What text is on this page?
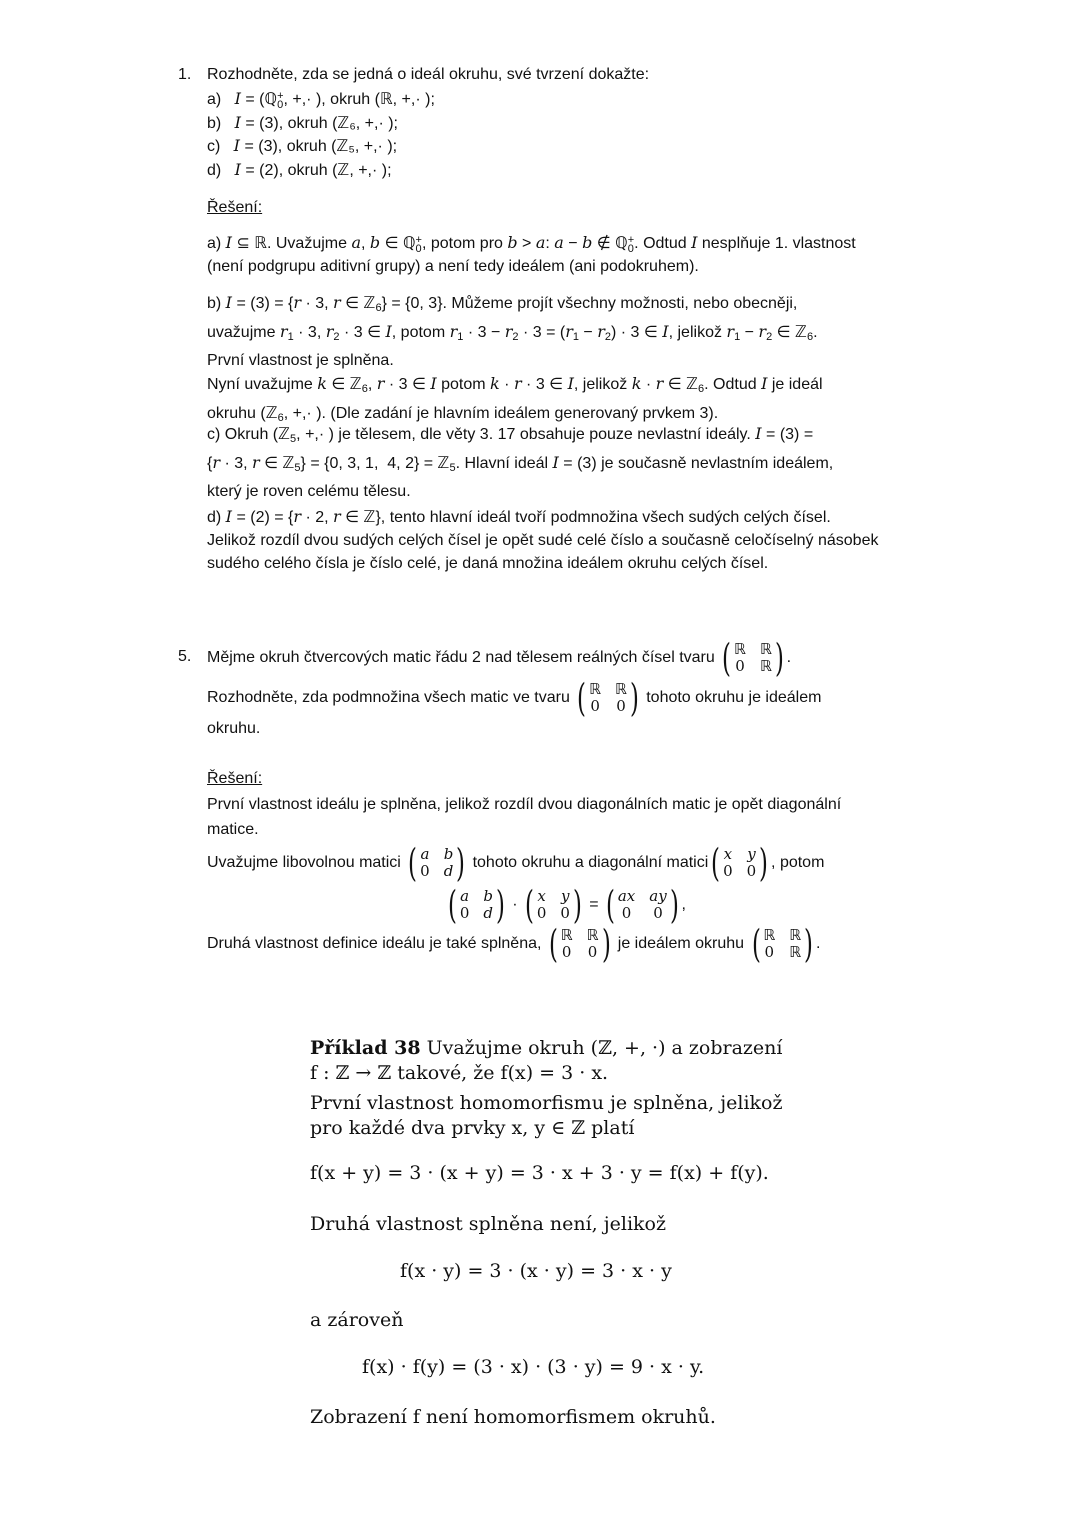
1. Rozhodněte, zda se jedná o ideál okruhu, své tvrzení dokažte:
a) I = (ℚ+
0, +,· ), okruh (ℝ, +,· );
b) I = (3), okruh (ℤ₆, +,· );
c) I = (3), okruh (ℤ₅, +,· );
d) I = (2), okruh (ℤ, +,· );
Řešení:
a) I ⊆ ℝ. Uvažujme a, b ∈ ℚ+
0, potom pro b > a: a − b ∉ ℚ+
0. Odtud I nesplňuje 1. vlastnost
(není podgrupu aditivní grupy) a není tedy ideálem (ani podokruhem).
b) I = (3) = {r · 3, r ∈ ℤ$_6$} = {0, 3}. Můžeme projít všechny možnosti, nebo obecněji,
uvažujme $r_1 \cdot 3$, $r_2 \cdot 3$ ∈ I, potom $r_1 \cdot 3 - r_2 \cdot 3 = (r_1 - r_2) \cdot 3$ ∈ I, jelikož $r_1 - r_2$ ∈ ℤ$_6$.
První vlastnost je splněna.
Nyní uvažujme k ∈ ℤ$_6$, r · 3 ∈ I potom k · r · 3 ∈ I, jelikož k · r ∈ ℤ$_6$. Odtud I je ideál
okruhu (ℤ$_6$, +,· ). (Dle zadání je hlavním ideálem generovaný prvkem 3).
c) Okruh (ℤ$_5$, +,· ) je tělesem, dle věty 3. 17 obsahuje pouze nevlastní ideály. I = (3) =
{r · 3, r ∈ ℤ$_5$} = {0, 3, 1,  4, 2} = ℤ$_5$. Hlavní ideál I = (3) je současně nevlastním ideálem,
který je roven celému tělesu.
d) I = (2) = {r · 2, r ∈ ℤ}, tento hlavní ideál tvoří podmnožina všech sudých celých čísel.
Jelikož rozdíl dvou sudých celých čísel je opět sudé celé číslo a současně celočíselný násobek
sudého celého čísla je číslo celé, je daná množina ideálem okruhu celých čísel.
5. Mějme okruh čtvercových matic řádu 2 nad tělesem reálných čísel tvaru
( ℝ ℝ
0 ℝ ) .
Rozhodněte, zda podmnožina všech matic ve tvaru
( ℝ ℝ
0 0 )
tohoto okruhu je ideálem
okruhu.
Řešení:
První vlastnost ideálu je splněna, jelikož rozdíl dvou diagonálních matic je opět diagonální
matice.
Uvažujme libovolnou matici
( a b
0 d )
tohoto okruhu a diagonální matici ( x y
0 0 ) , potom
( a b
0 d ) · ( x y
0 0 ) = ( ax ay
0 0 ) ,
Druhá vlastnost definice ideálu je také splněna,
( ℝ ℝ
0 0 )
je ideálem okruhu
( ℝ ℝ
0 ℝ ) .
Příklad 38 Uvažujme okruh (ℤ, +, ·) a zobrazení
f : ℤ → ℤ takové, že f(x) = 3 · x.
První vlastnost homomorfismu je splněna, jelikož
pro každé dva prvky x, y ∈ ℤ platí
f(x + y) = 3 · (x + y) = 3 · x + 3 · y = f(x) + f(y).
Druhá vlastnost splněna není, jelikož
f(x · y) = 3 · (x · y) = 3 · x · y
a zároveň
f(x) · f(y) = (3 · x) · (3 · y) = 9 · x · y.
Zobrazení f není homomorfismem okruhů.
